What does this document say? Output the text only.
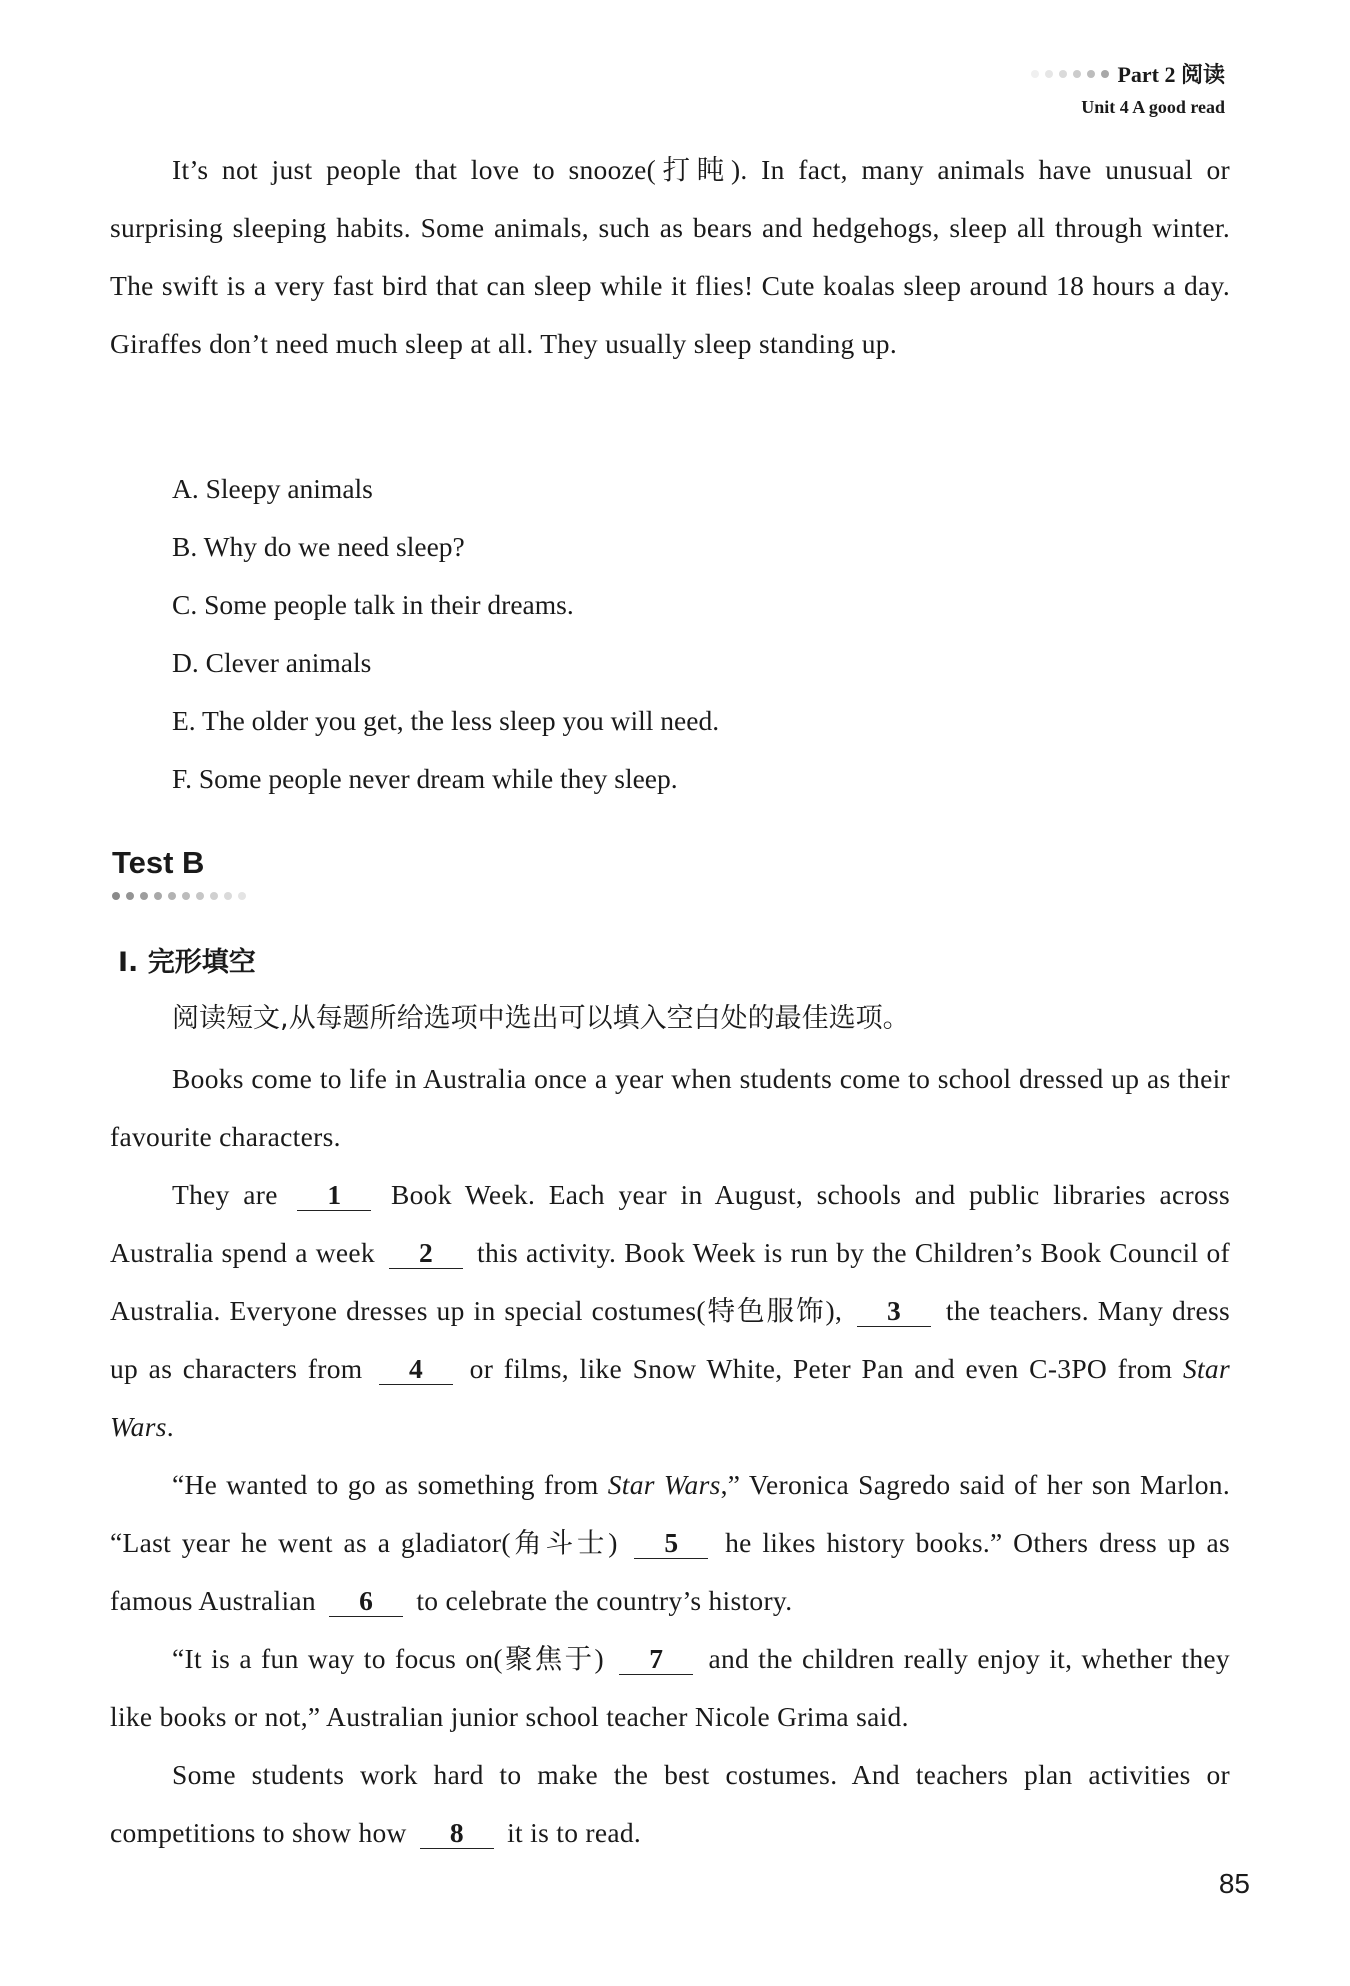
Part 2 阅读
Unit 4 A good read
It’s not just people that love to snooze(打盹). In fact, many animals have unusual or surprising sleeping habits. Some animals, such as bears and hedgehogs, sleep all through winter. The swift is a very fast bird that can sleep while it flies! Cute koalas sleep around 18 hours a day. Giraffes don’t need much sleep at all. They usually sleep standing up.
A. Sleepy animals
B. Why do we need sleep?
C. Some people talk in their dreams.
D. Clever animals
E. The older you get, the less sleep you will need.
F. Some people never dream while they sleep.
Test B
Ⅰ. 完形填空
阅读短文,从每题所给选项中选出可以填入空白处的最佳选项。
Books come to life in Australia once a year when students come to school dressed up as their favourite characters.
They are 1 Book Week. Each year in August, schools and public libraries across Australia spend a week 2 this activity. Book Week is run by the Children’s Book Council of Australia. Everyone dresses up in special costumes(特色服饰), 3 the teachers. Many dress up as characters from 4 or films, like Snow White, Peter Pan and even C-3PO from Star Wars.
“He wanted to go as something from Star Wars,” Veronica Sagredo said of her son Marlon. “Last year he went as a gladiator(角斗士) 5 he likes history books.” Others dress up as famous Australian 6 to celebrate the country’s history.
“It is a fun way to focus on(聚焦于) 7 and the children really enjoy it, whether they like books or not,” Australian junior school teacher Nicole Grima said.
Some students work hard to make the best costumes. And teachers plan activities or competitions to show how 8 it is to read.
85
